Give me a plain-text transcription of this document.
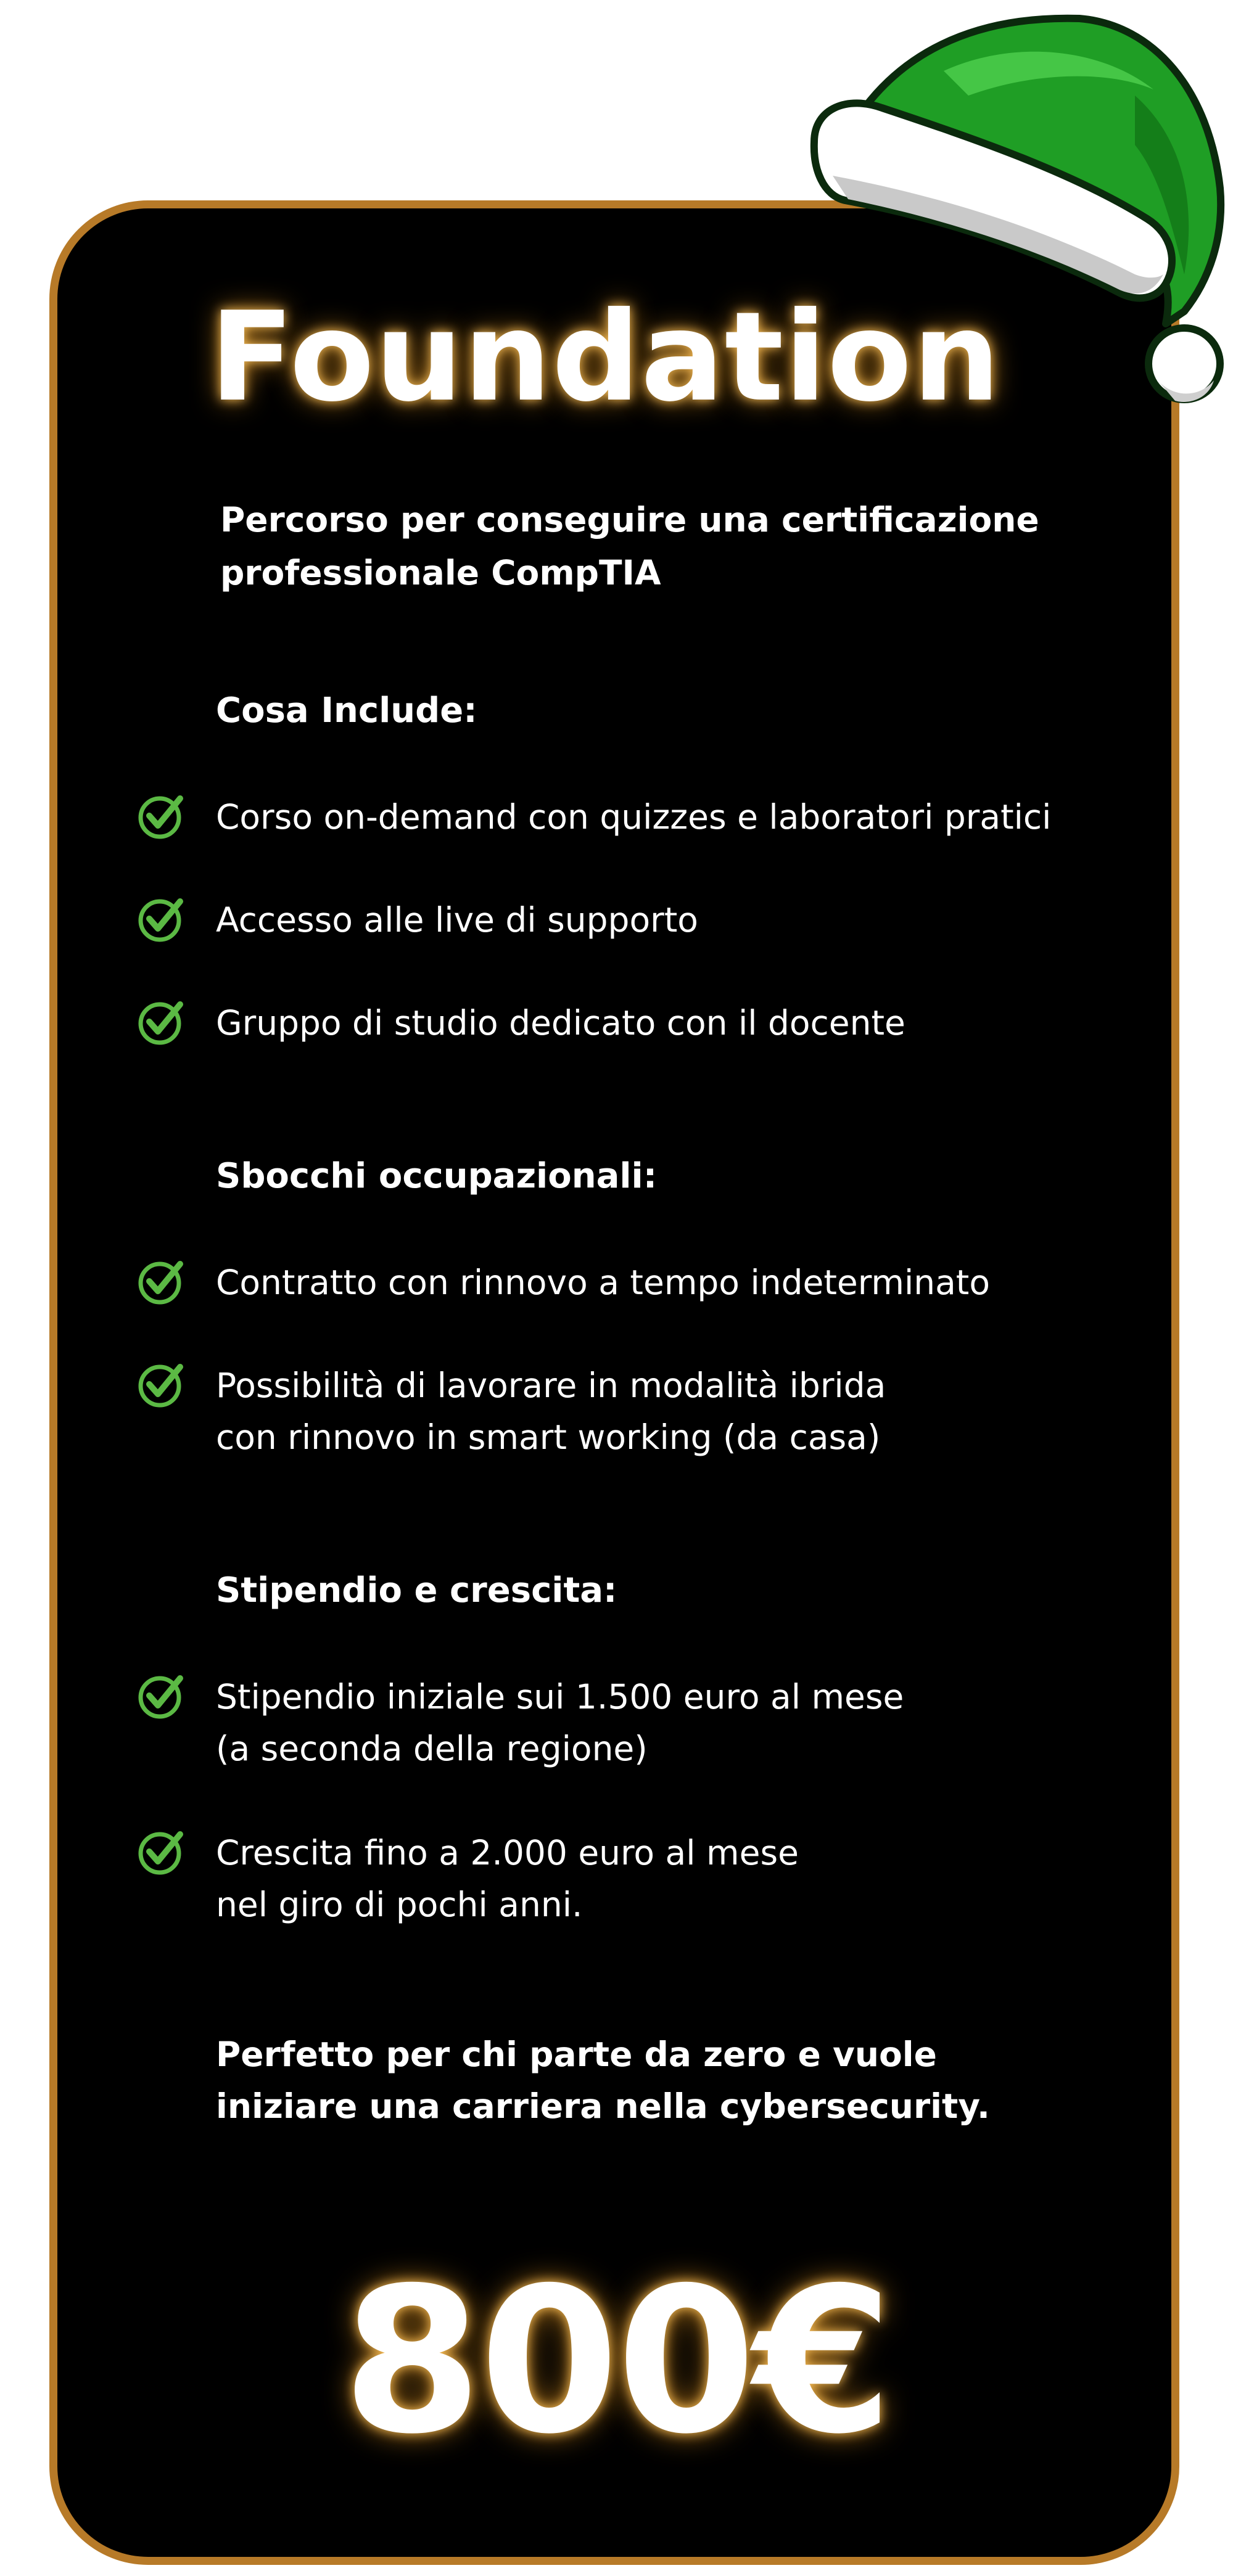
Foundation

Percorso per conseguire una certificazione professionale CompTIA

Cosa Include:
Corso on-demand con quizzes e laboratori pratici
Accesso alle live di supporto
Gruppo di studio dedicato con il docente
Sbocchi occupazionali:
Contratto con rinnovo a tempo indeterminato
Possibilità di lavorare in modalità ibrida
con rinnovo in smart working (da casa)
Stipendio e crescita:
Stipendio iniziale sui 1.500 euro al mese
(a seconda della regione)
Crescita fino a 2.000 euro al mese
nel giro di pochi anni.

Perfetto per chi parte da zero e vuole
iniziare una carriera nella cybersecurity.

800€
